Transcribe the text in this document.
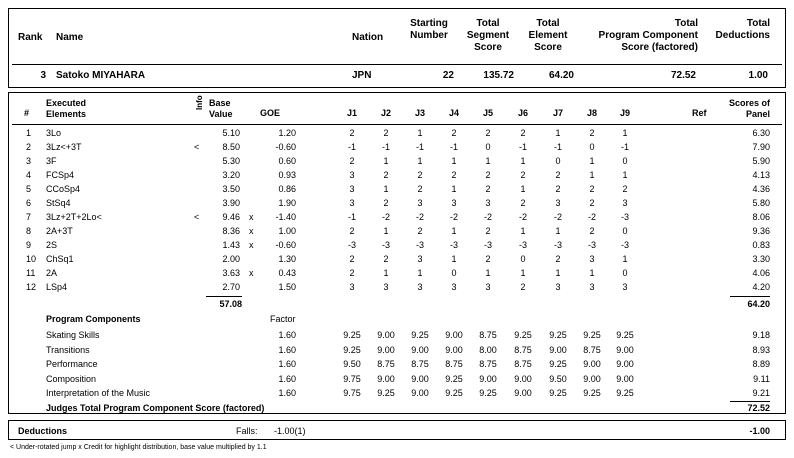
Rank Name	Nation
Starting
Number
Total
Segment
Score
Total
Element
Score
Total
Program Component
Score (factored)
Total
Deductions
3 Satoko MIYAHARA	JPN	22	135.72	64.20	72.52	1.00
#
Executed
Elements
Info Base
Value	GOE	J1	J2	J3	J4	J5	J6	J7	J8	J9	Ref
Scores of
Panel
1 3Lo	5.10	1.20	2	2	1	2	2	2	1	2	1	6.30
2 3Lz<+3T	<	8.50	-0.60	-1	-1	-1	-1	0	-1	-1	0	-1	7.90
3 3F	5.30	0.60	2	1	1	1	1	1	0	1	0	5.90
4 FCSp4	3.20	0.93	3	2	2	2	2	2	2	1	1	4.13
5 CCoSp4	3.50	0.86	3	1	2	1	2	1	2	2	2	4.36
6 StSq4	3.90	1.90	3	2	3	3	3	2	3	2	3	5.80
7 3Lz+2T+2Lo<	<	9.46 x	-1.40	-1	-2	-2	-2	-2	-2	-2	-2	-3	8.06
8 2A+3T	8.36 x	1.00	2	1	2	1	2	1	1	2	0	9.36
9 2S	1.43 x	-0.60	-3	-3	-3	-3	-3	-3	-3	-3	-3	0.83
10 ChSq1	2.00	1.30	2	2	3	1	2	0	2	3	1	3.30
11 2A	3.63 x	0.43	2	1	1	0	1	1	1	1	0	4.06
12 LSp4	2.70	1.50	3	3	3	3	3	2	3	3	3	4.20
57.08	64.20
Program Components	Factor
Skating Skills	1.60	9.25	9.00	9.25	9.00	8.75	9.25	9.25	9.25	9.25	9.18
Transitions	1.60	9.25	9.00	9.00	9.00	8.00	8.75	9.00	8.75	9.00	8.93
Performance	1.60	9.50	8.75	8.75	8.75	8.75	8.75	9.25	9.00	9.00	8.89
Composition	1.60	9.75	9.00	9.00	9.25	9.00	9.00	9.50	9.00	9.00	9.11
Interpretation of the Music	1.60	9.75	9.25	9.00	9.25	9.25	9.00	9.25	9.25	9.25	9.21
Judges Total Program Component Score (factored)	72.52
Deductions	Falls: -1.00(1)	-1.00
< Under-rotated jump x Credit for highlight distribution, base value multiplied by 1.1
